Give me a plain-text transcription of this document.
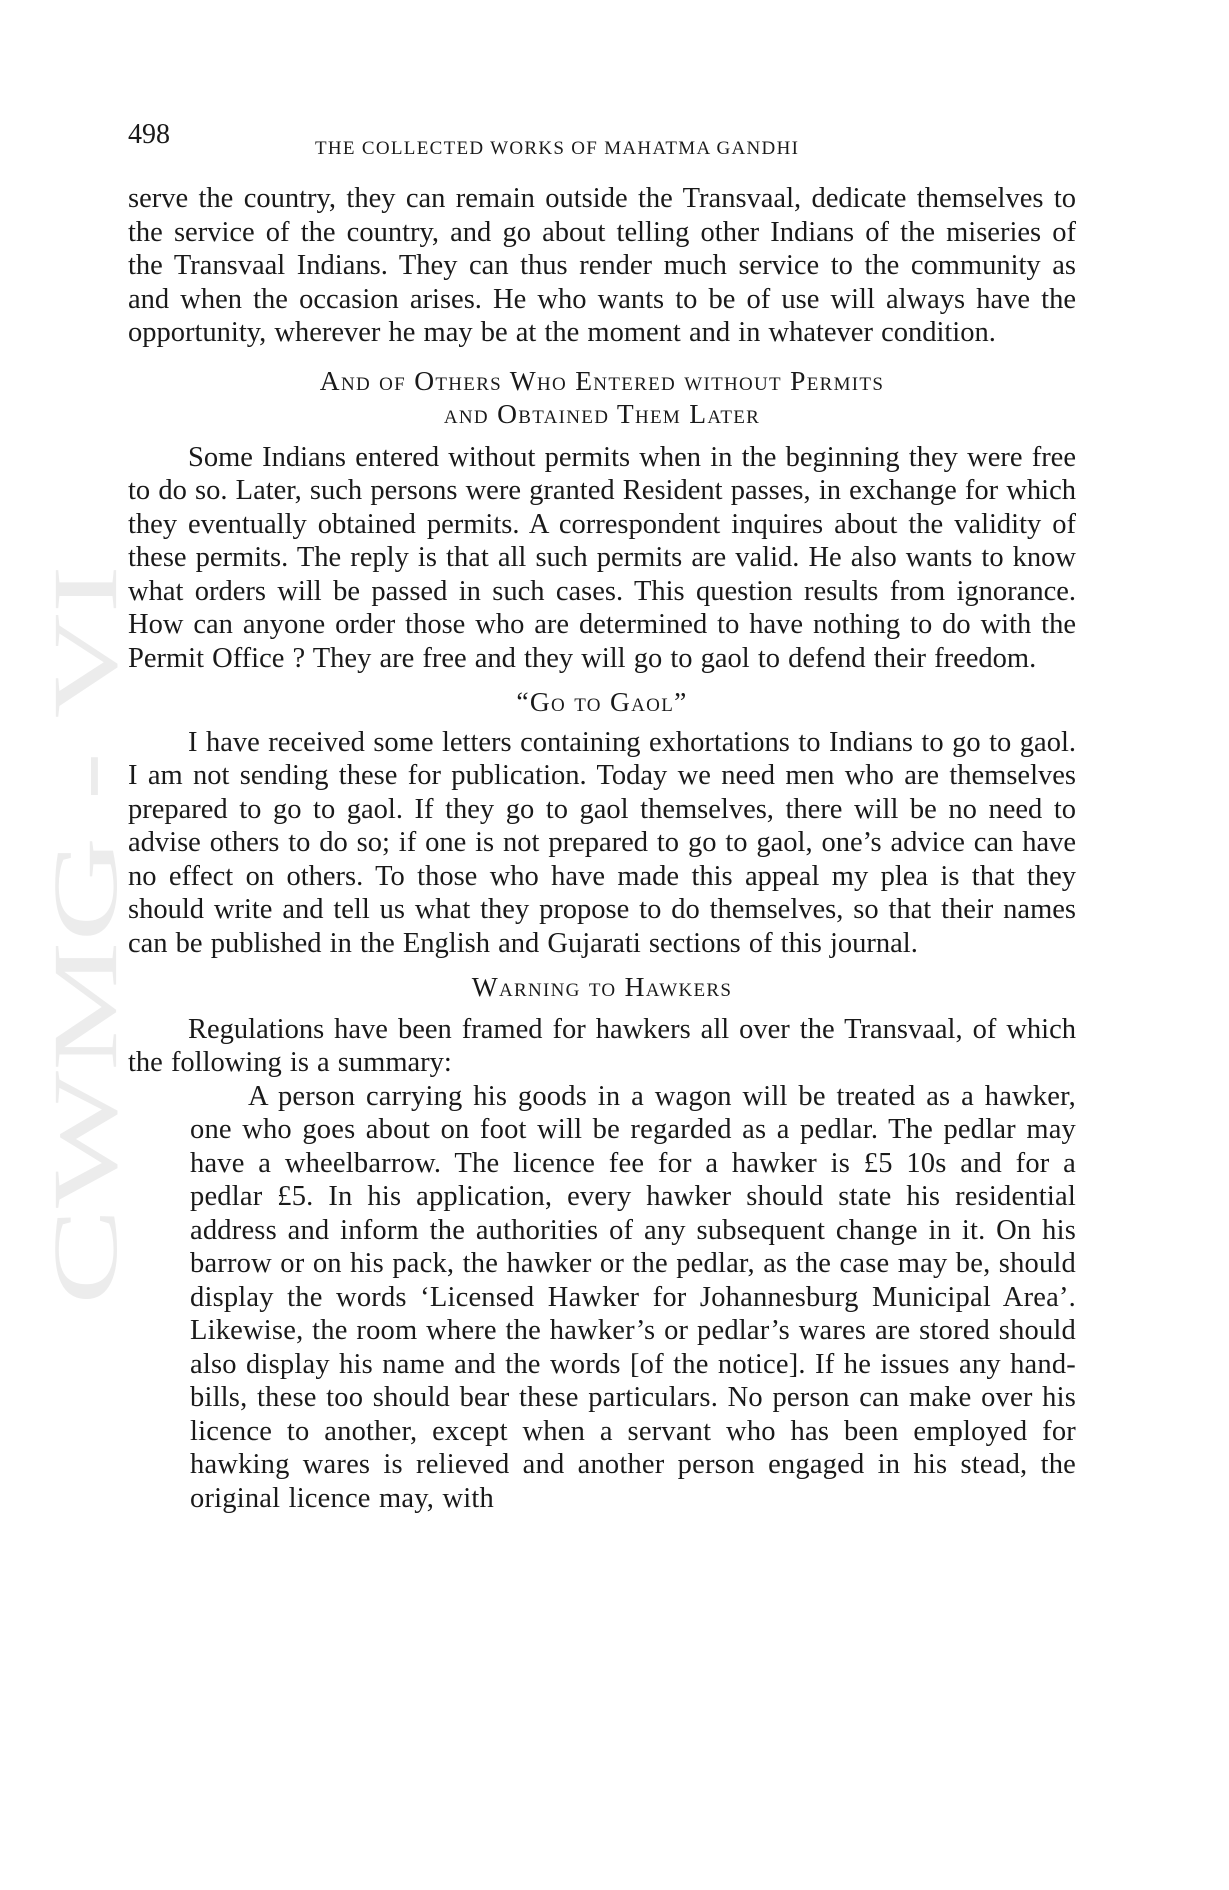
CWMG - VI
498	THE COLLECTED WORKS OF MAHATMA GANDHI

serve the country, they can remain outside the Transvaal, dedicate themselves to the service of the country, and go about telling other Indians of the miseries of the Transvaal Indians. They can thus render much service to the community as and when the occasion arises. He who wants to be of use will always have the opportunity, wherever he may be at the moment and in whatever condition.

And of Others Who Entered without Permits
and Obtained Them Later

Some Indians entered without permits when in the beginning they were free to do so. Later, such persons were granted Resident passes, in exchange for which they eventually obtained permits. A correspondent inquires about the validity of these permits. The reply is that all such permits are valid. He also wants to know what orders will be passed in such cases. This question results from ignorance. How can anyone order those who are determined to have nothing to do with the Permit Office ? They are free and they will go to gaol to defend their freedom.

“Go to Gaol”

I have received some letters containing exhortations to Indians to go to gaol. I am not sending these for publication. Today we need men who are themselves prepared to go to gaol. If they go to gaol themselves, there will be no need to advise others to do so; if one is not prepared to go to gaol, one’s advice can have no effect on others. To those who have made this appeal my plea is that they should write and tell us what they propose to do themselves, so that their names can be published in the English and Gujarati sections of this journal.

Warning to Hawkers

Regulations have been framed for hawkers all over the Transvaal, of which the following is a summary:

A person carrying his goods in a wagon will be treated as a hawker, one who goes about on foot will be regarded as a pedlar. The pedlar may have a wheelbarrow. The licence fee for a hawker is £5 10s and for a pedlar £5. In his application, every hawker should state his residential address and inform the authorities of any subsequent change in it. On his barrow or on his pack, the hawker or the pedlar, as the case may be, should display the words ‘Licensed Hawker for Johannesburg Municipal Area’. Likewise, the room where the hawker’s or pedlar’s wares are stored should also display his name and the words [of the notice]. If he issues any hand-bills, these too should bear these particulars. No person can make over his licence to another, except when a servant who has been employed for hawking wares is relieved and another person engaged in his stead, the original licence may, with
